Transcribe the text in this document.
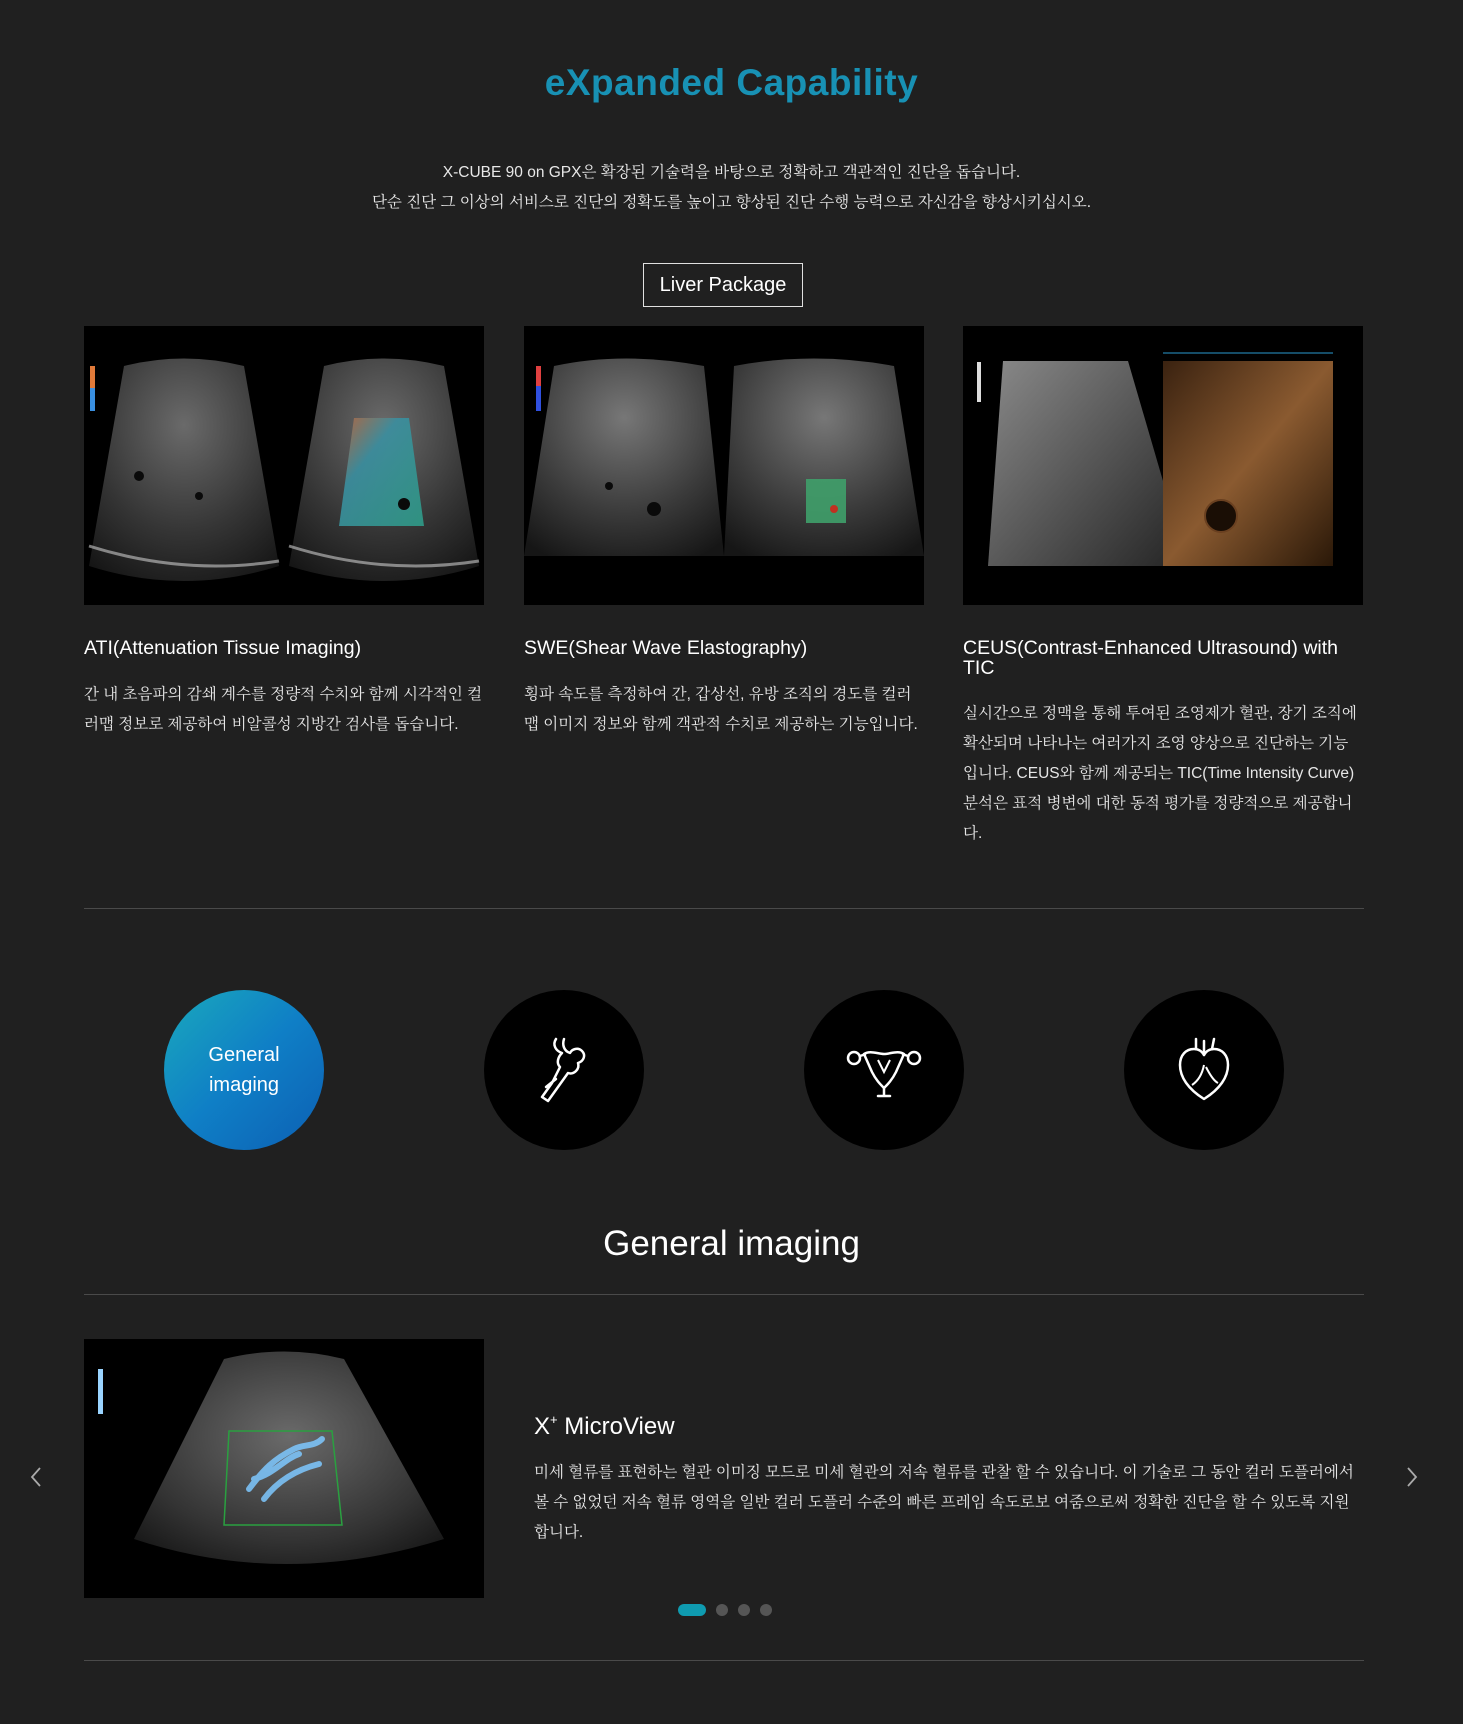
eXpanded Capability
X-CUBE 90 on GPX은 확장된 기술력을 바탕으로 정확하고 객관적인 진단을 돕습니다.
단순 진단 그 이상의 서비스로 진단의 정확도를 높이고 향상된 진단 수행 능력으로 자신감을 향상시키십시오.
Liver Package
ATI(Attenuation Tissue Imaging)
간 내 초음파의 감쇄 계수를 정량적 수치와 함께 시각적인 컬러맵 정보로 제공하여 비알콜성 지방간 검사를 돕습니다.
SWE(Shear Wave Elastography)
횡파 속도를 측정하여 간, 갑상선, 유방 조직의 경도를 컬러맵 이미지 정보와 함께 객관적 수치로 제공하는 기능입니다.
CEUS(Contrast-Enhanced Ultrasound) with TIC
실시간으로 정맥을 통해 투여된 조영제가 혈관, 장기 조직에 확산되며 나타나는 여러가지 조영 양상으로 진단하는 기능입니다. CEUS와 함께 제공되는 TIC(Time Intensity Curve)분석은 표적 병변에 대한 동적 평가를 정량적으로 제공합니다.
General imaging
General imaging
X+ MicroView
미세 혈류를 표현하는 혈관 이미징 모드로 미세 혈관의 저속 혈류를 관찰 할 수 있습니다. 이 기술로 그 동안 컬러 도플러에서 볼 수 없었던 저속 혈류 영역을 일반 컬러 도플러 수준의 빠른 프레임 속도로보 여줌으로써 정확한 진단을 할 수 있도록 지원합니다.
